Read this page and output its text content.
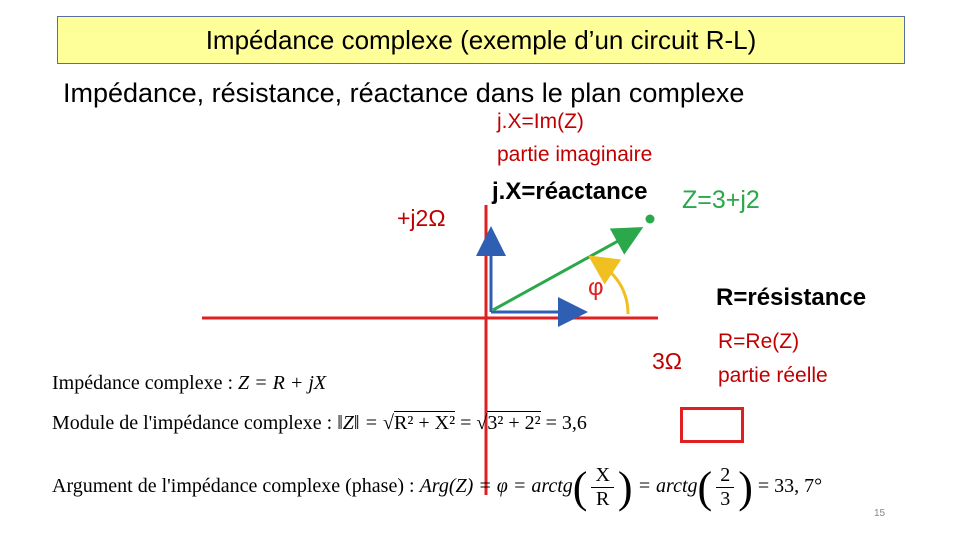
Impédance complexe (exemple d’un circuit R-L)
Impédance, résistance, réactance dans le plan complexe
j.X=Im(Z)
partie imaginaire
j.X=réactance Z=3+j2
+j2Ω
φ	R=résistance
R=Re(Z)
partie réelle
3Ω
Impédance complexe : Z = R + jX
Module de l'impédance complexe : ‖Z‖ = √R² + X² = √3² + 2² = 3,6
Argument de l'impédance complexe (phase) : Arg(Z) = φ = arctg( $\frac{X}{R}$ ) = arctg( $\frac{2}{3}$ ) = 33, 7°
15
